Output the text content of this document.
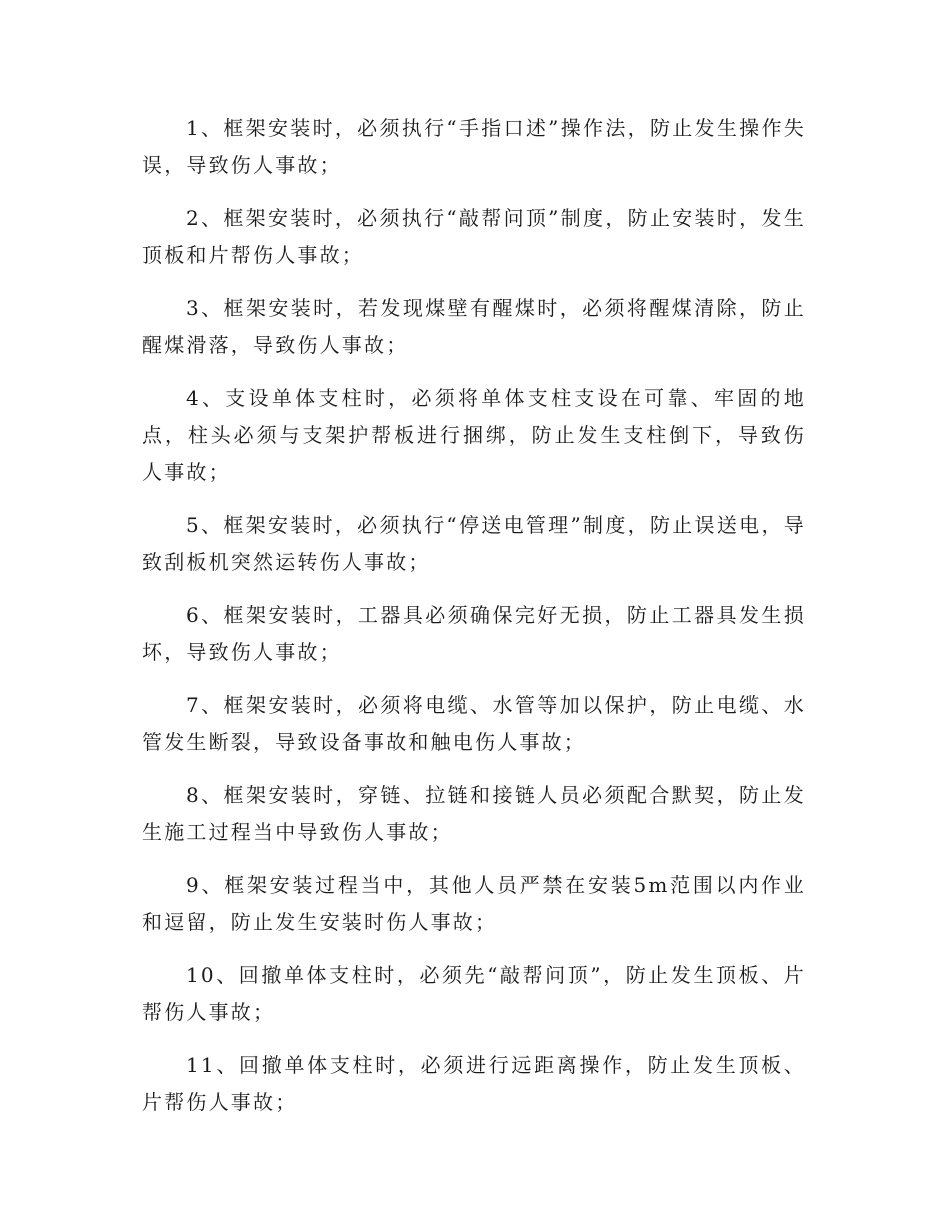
1、框架安装时，必须执行“手指口述”操作法，防止发生操作失误，导致伤人事故；

2、框架安装时，必须执行“敲帮问顶”制度，防止安装时，发生顶板和片帮伤人事故；

3、框架安装时，若发现煤壁有醒煤时，必须将醒煤清除，防止醒煤滑落，导致伤人事故；

4、支设单体支柱时，必须将单体支柱支设在可靠、牢固的地点，柱头必须与支架护帮板进行捆绑，防止发生支柱倒下，导致伤人事故；

5、框架安装时，必须执行“停送电管理”制度，防止误送电，导致刮板机突然运转伤人事故；

6、框架安装时，工器具必须确保完好无损，防止工器具发生损坏，导致伤人事故；

7、框架安装时，必须将电缆、水管等加以保护，防止电缆、水管发生断裂，导致设备事故和触电伤人事故；

8、框架安装时，穿链、拉链和接链人员必须配合默契，防止发生施工过程当中导致伤人事故；

9、框架安装过程当中，其他人员严禁在安装5m范围以内作业和逗留，防止发生安装时伤人事故；

10、回撤单体支柱时，必须先“敲帮问顶”，防止发生顶板、片帮伤人事故；

11、回撤单体支柱时，必须进行远距离操作，防止发生顶板、片帮伤人事故；
